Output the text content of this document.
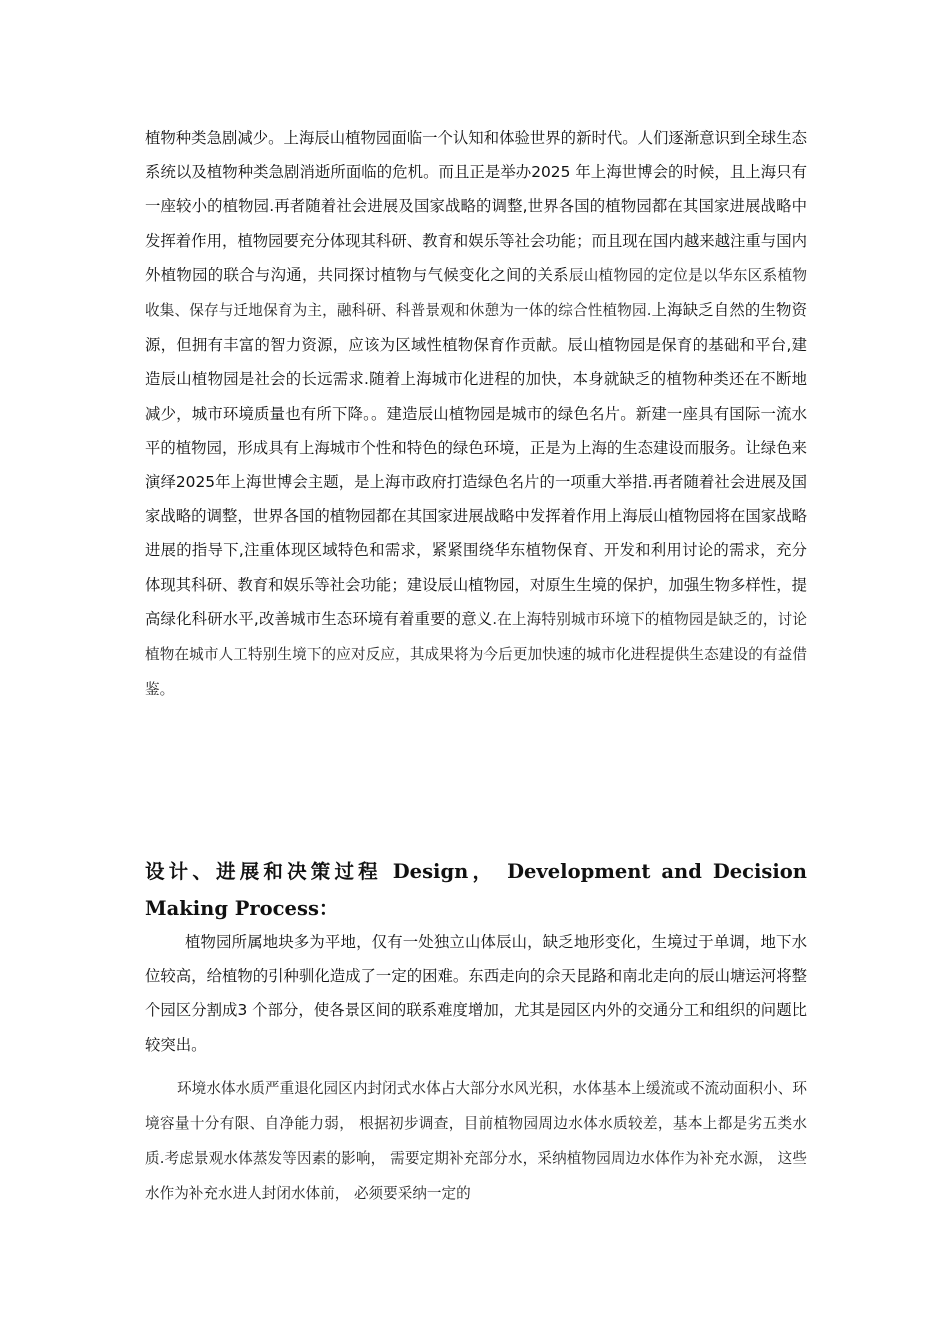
植物种类急剧减少。上海辰山植物园面临一个认知和体验世界的新时代。人们逐渐意识到全球生态系统以及植物种类急剧消逝所面临的危机。而且正是举办2025 年上海世博会的时候，且上海只有一座较小的植物园.再者随着社会进展及国家战略的调整,世界各国的植物园都在其国家进展战略中发挥着作用，植物园要充分体现其科研、教育和娱乐等社会功能；而且现在国内越来越注重与国内外植物园的联合与沟通，共同探讨植物与气候变化之间的关系辰山植物园的定位是以华东区系植物收集、保存与迁地保育为主，融科研、科普景观和休憩为一体的综合性植物园.上海缺乏自然的生物资源，但拥有丰富的智力资源，应该为区域性植物保育作贡献。辰山植物园是保育的基础和平台,建造辰山植物园是社会的长远需求.随着上海城市化进程的加快，本身就缺乏的植物种类还在不断地减少，城市环境质量也有所下降。。建造辰山植物园是城市的绿色名片。新建一座具有国际一流水平的植物园，形成具有上海城市个性和特色的绿色环境，正是为上海的生态建设而服务。让绿色来演绎2025年上海世博会主题，是上海市政府打造绿色名片的一项重大举措.再者随着社会进展及国家战略的调整，世界各国的植物园都在其国家进展战略中发挥着作用上海辰山植物园将在国家战略进展的指导下,注重体现区域特色和需求，紧紧围绕华东植物保育、开发和利用讨论的需求，充分体现其科研、教育和娱乐等社会功能；建设辰山植物园，对原生生境的保护，加强生物多样性，提高绿化科研水平,改善城市生态环境有着重要的意义.在上海特别城市环境下的植物园是缺乏的，讨论植物在城市人工特别生境下的应对反应，其成果将为今后更加快速的城市化进程提供生态建设的有益借鉴。

设计、进展和决策过程 Design， Development and Decision Making Process：

植物园所属地块多为平地，仅有一处独立山体辰山，缺乏地形变化，生境过于单调，地下水位较高，给植物的引种驯化造成了一定的困难。东西走向的佘天昆路和南北走向的辰山塘运河将整个园区分割成3 个部分，使各景区间的联系难度增加，尤其是园区内外的交通分工和组织的问题比较突出。

环境水体水质严重退化园区内封闭式水体占大部分水风光积，水体基本上缓流或不流动面积小、环境容量十分有限、自净能力弱， 根据初步调查，目前植物园周边水体水质较差，基本上都是劣五类水质.考虑景观水体蒸发等因素的影响， 需要定期补充部分水，采纳植物园周边水体作为补充水源， 这些水作为补充水进人封闭水体前， 必须要采纳一定的
